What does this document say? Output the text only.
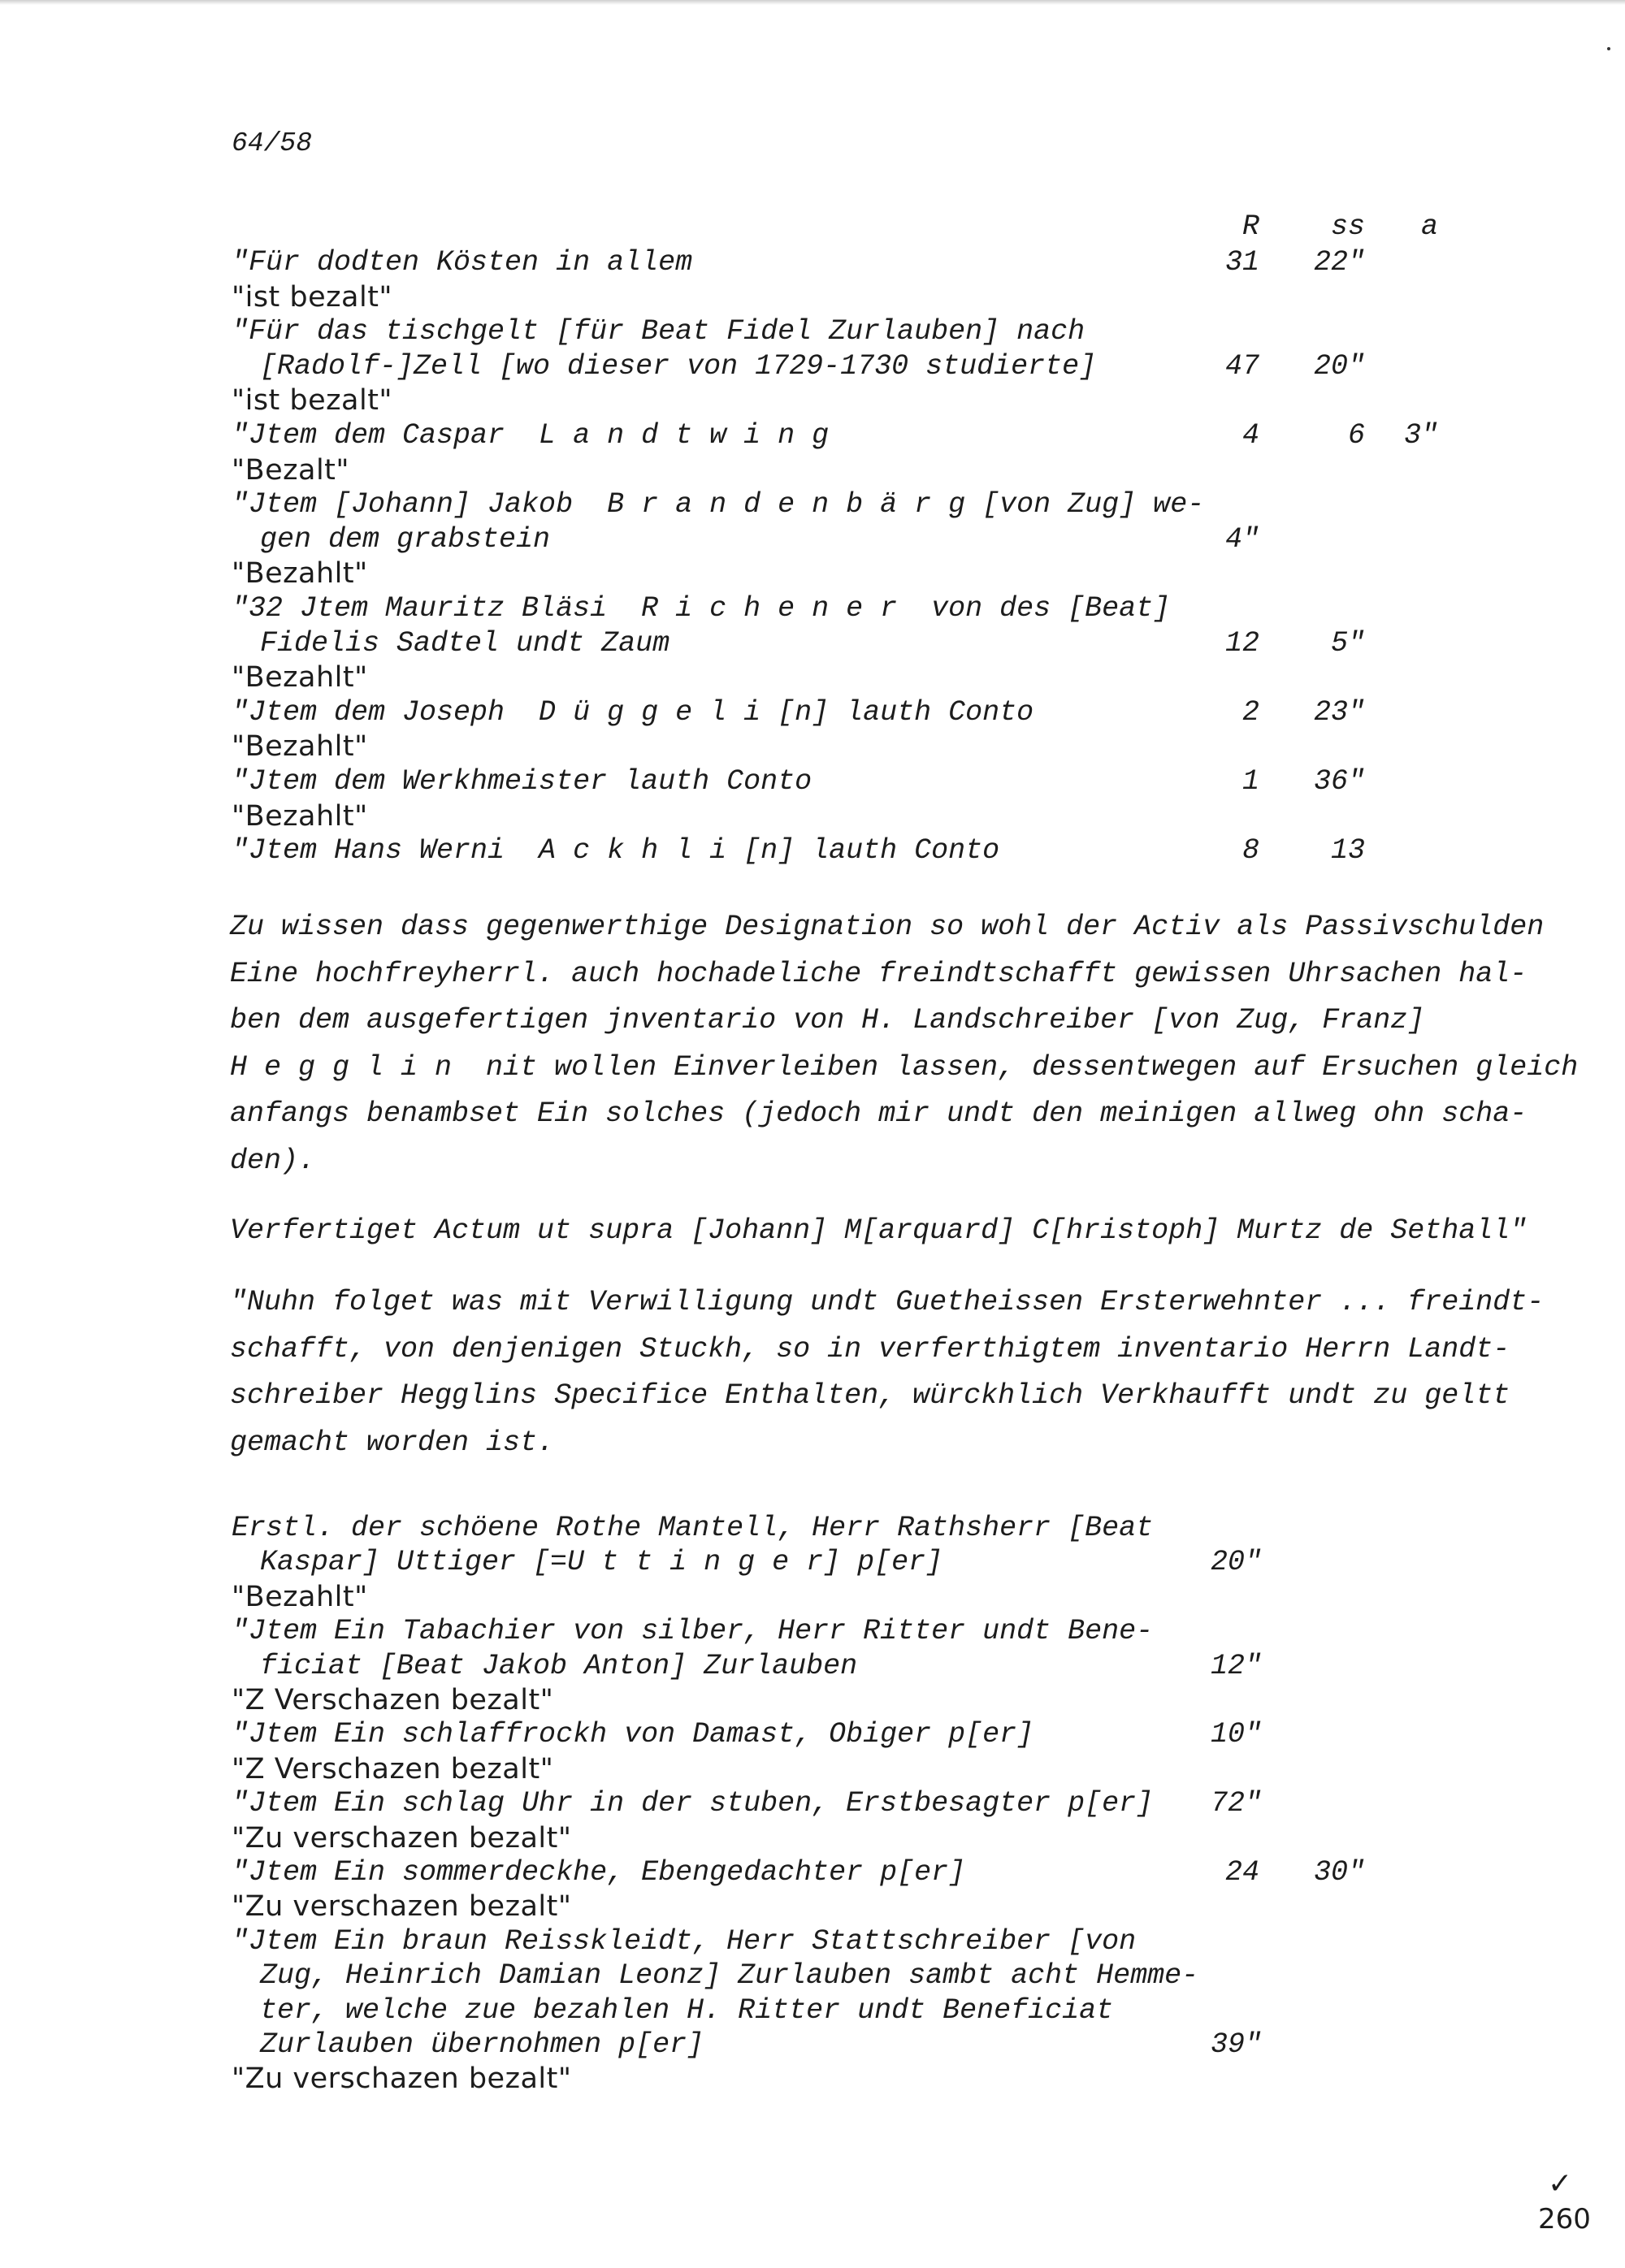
64/58
R	ss	a
"Für dodten Kösten in allem	31	22"
"ist bezalt"
"Für das tischgelt [für Beat Fidel Zurlauben] nach
[Radolf-]Zell [wo dieser von 1729-1730 studierte]	47	20"
"ist bezalt"
"Jtem dem Caspar  L a n d t w i n g	4	6	3"
"Bezalt"
"Jtem [Johann] Jakob  B r a n d e n b ä r g [von Zug] we-
gen dem grabstein	4"
"Bezahlt"
"32 Jtem Mauritz Bläsi  R i c h e n e r  von des [Beat]
Fidelis Sadtel undt Zaum	12	5"
"Bezahlt"
"Jtem dem Joseph  D ü g g e l i [n] lauth Conto	2	23"
"Bezahlt"
"Jtem dem Werkhmeister lauth Conto	1	36"
"Bezahlt"
"Jtem Hans Werni  A c k h l i [n] lauth Conto	8	13
Zu wissen dass gegenwerthige Designation so wohl der Activ als Passivschulden
Eine hochfreyherrl. auch hochadeliche freindtschafft gewissen Uhrsachen hal-
ben dem ausgefertigen jnventario von H. Landschreiber [von Zug, Franz]
H e g g l i n  nit wollen Einverleiben lassen, dessentwegen auf Ersuchen gleich
anfangs benambset Ein solches (jedoch mir undt den meinigen allweg ohn scha-
den).
Verfertiget Actum ut supra [Johann] M[arquard] C[hristoph] Murtz de Sethall"
"Nuhn folget was mit Verwilligung undt Guetheissen Ersterwehnter ... freindt-
schafft, von denjenigen Stuckh, so in verferthigtem inventario Herrn Landt-
schreiber Hegglins Specifice Enthalten, würckhlich Verkhaufft undt zu geltt
gemacht worden ist.
Erstl. der schöene Rothe Mantell, Herr Rathsherr [Beat
Kaspar] Uttiger [=U t t i n g e r] p[er]	20"
"Bezahlt"
"Jtem Ein Tabachier von silber, Herr Ritter undt Bene-
ficiat [Beat Jakob Anton] Zurlauben	12"
"Z Verschazen bezalt"
"Jtem Ein schlaffrockh von Damast, Obiger p[er]	10"
"Z Verschazen bezalt"
"Jtem Ein schlag Uhr in der stuben, Erstbesagter p[er] 72"
"Zu verschazen bezalt"
"Jtem Ein sommerdeckhe, Ebengedachter p[er]	24	30"
"Zu verschazen bezalt"
"Jtem Ein braun Reisskleidt, Herr Stattschreiber [von
Zug, Heinrich Damian Leonz] Zurlauben sambt acht Hemme-
ter, welche zue bezahlen H. Ritter undt Beneficiat
Zurlauben übernohmen p[er]	39"
"Zu verschazen bezalt"
✓
260
